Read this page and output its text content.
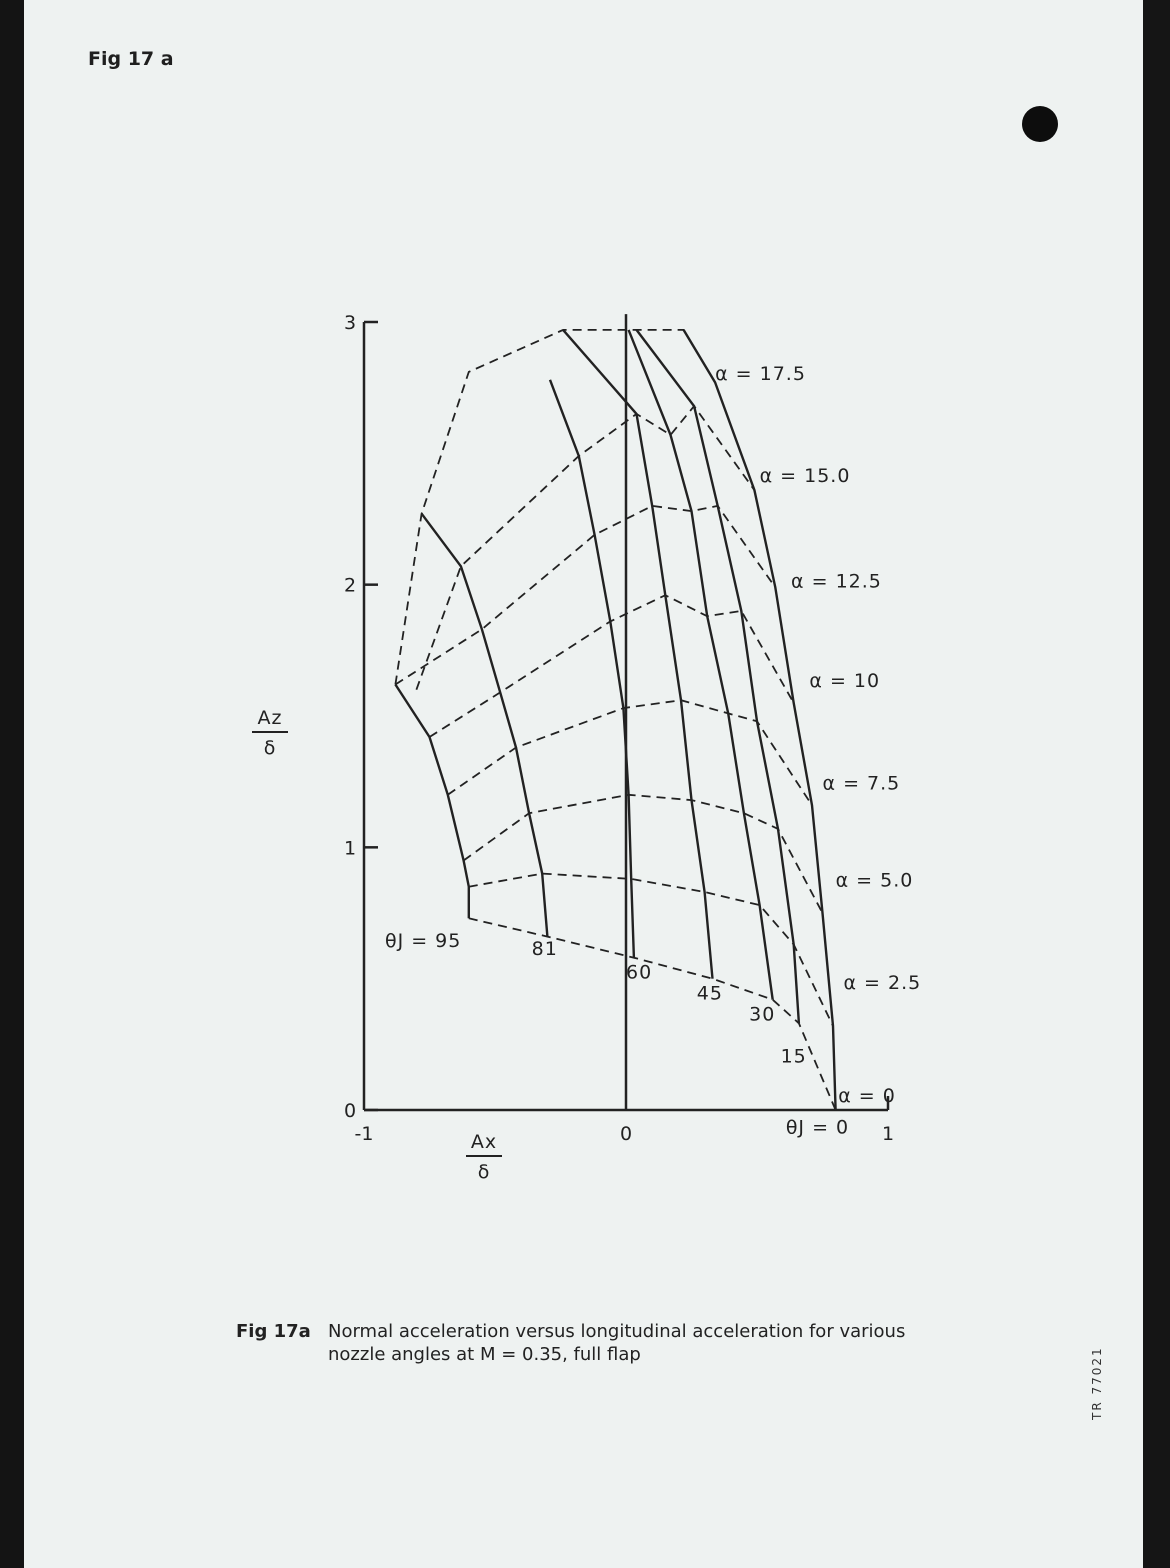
Fig 17 a
0
1
2
3
-1	0	1
Az
δ
Ax
δ
θJ = 95	81
60
45
30
15
θJ = 0
α = 0
α = 2.5
α = 5.0
α = 7.5
α = 10
α = 12.5
α = 15.0
α = 17.5
Fig 17a Normal acceleration versus longitudinal acceleration for various nozzle angles at M = 0.35, full flap	TR 77021
